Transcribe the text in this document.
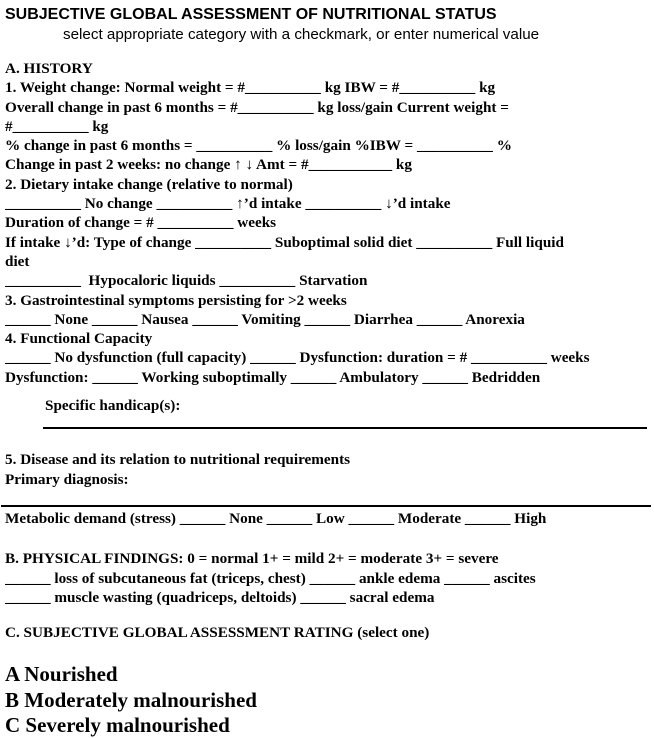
SUBJECTIVE GLOBAL ASSESSMENT OF NUTRITIONAL STATUS
select appropriate category with a checkmark, or enter numerical value
A. HISTORY
1. Weight change: Normal weight = #__________ kg IBW = #__________ kg
Overall change in past 6 months = #__________ kg loss/gain Current weight =
#__________ kg
% change in past 6 months = __________ % loss/gain %IBW = __________ %
Change in past 2 weeks: no change ↑ ↓ Amt = #___________ kg
2. Dietary intake change (relative to normal)
__________ No change __________ ↑’d intake __________ ↓’d intake
Duration of change = # __________ weeks
If intake ↓’d: Type of change __________ Suboptimal solid diet __________ Full liquid
diet
__________  Hypocaloric liquids __________ Starvation
3. Gastrointestinal symptoms persisting for >2 weeks
______ None ______ Nausea ______ Vomiting ______ Diarrhea ______ Anorexia
4. Functional Capacity
______ No dysfunction (full capacity) ______ Dysfunction: duration = # __________ weeks
Dysfunction: ______ Working suboptimally ______ Ambulatory ______ Bedridden
Specific handicap(s):
5. Disease and its relation to nutritional requirements
Primary diagnosis:
Metabolic demand (stress) ______ None ______ Low ______ Moderate ______ High
B. PHYSICAL FINDINGS: 0 = normal 1+ = mild 2+ = moderate 3+ = severe
______ loss of subcutaneous fat (triceps, chest) ______ ankle edema ______ ascites
______ muscle wasting (quadriceps, deltoids) ______ sacral edema
C. SUBJECTIVE GLOBAL ASSESSMENT RATING (select one)
A Nourished
B Moderately malnourished
C Severely malnourished
